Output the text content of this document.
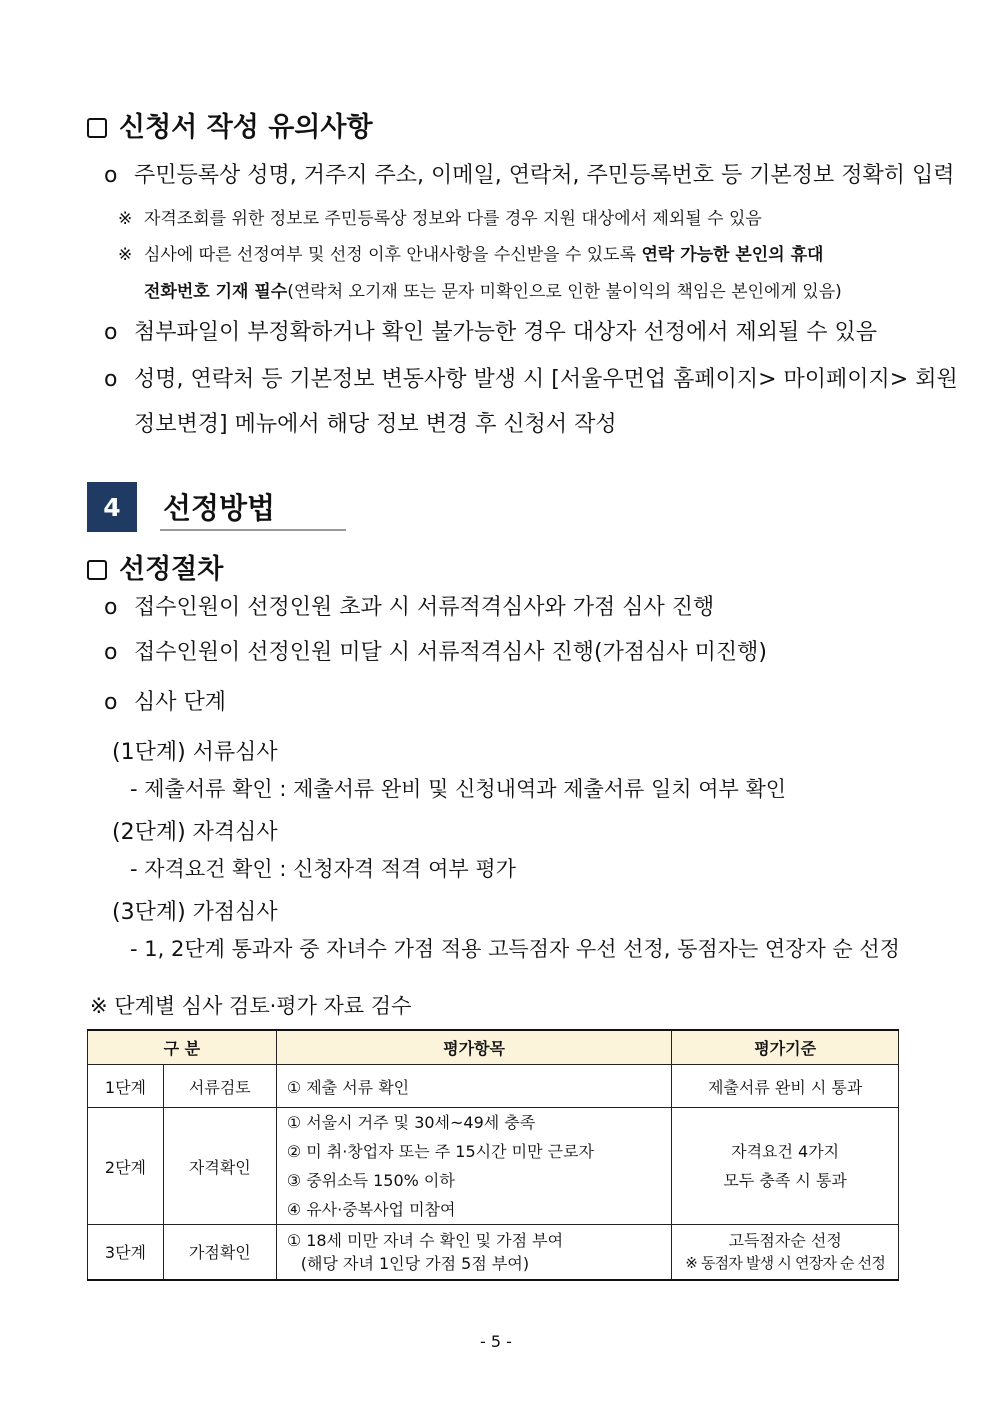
신청서 작성 유의사항
o 주민등록상 성명, 거주지 주소, 이메일, 연락처, 주민등록번호 등 기본정보 정확히 입력
※ 자격조회를 위한 정보로 주민등록상 정보와 다를 경우 지원 대상에서 제외될 수 있음
※ 심사에 따른 선정여부 및 선정 이후 안내사항을 수신받을 수 있도록 연락 가능한 본인의 휴대
전화번호 기재 필수(연락처 오기재 또는 문자 미확인으로 인한 불이익의 책임은 본인에게 있음)
o 첨부파일이 부정확하거나 확인 불가능한 경우 대상자 선정에서 제외될 수 있음
o 성명, 연락처 등 기본정보 변동사항 발생 시 [서울우먼업 홈페이지> 마이페이지> 회원
정보변경] 메뉴에서 해당 정보 변경 후 신청서 작성
4	선정방법
선정절차
o 접수인원이 선정인원 초과 시 서류적격심사와 가점 심사 진행
o 접수인원이 선정인원 미달 시 서류적격심사 진행(가점심사 미진행)
o 심사 단계
(1단계) 서류심사
- 제출서류 확인 : 제출서류 완비 및 신청내역과 제출서류 일치 여부 확인
(2단계) 자격심사
- 자격요건 확인 : 신청자격 적격 여부 평가
(3단계) 가점심사
- 1, 2단계 통과자 중 자녀수 가점 적용 고득점자 우선 선정, 동점자는 연장자 순 선정
※ 단계별 심사 검토·평가 자료 검수
구 분		평가항목	평가기준
1단계	서류검토	① 제출 서류 확인	제출서류 완비 시 통과
2단계	자격확인	① 서울시 거주 및 30세~49세 충족
② 미 취·창업자 또는 주 15시간 미만 근로자
③ 중위소득 150% 이하
④ 유사·중복사업 미참여	자격요건 4가지
모두 충족 시 통과

3단계	가점확인	① 18세 미만 자녀 수 확인 및 가점 부여
(해당 자녀 1인당 가점 5점 부여)	고득점자순 선정
※ 동점자 발생 시 연장자 순 선정
- 5 -
